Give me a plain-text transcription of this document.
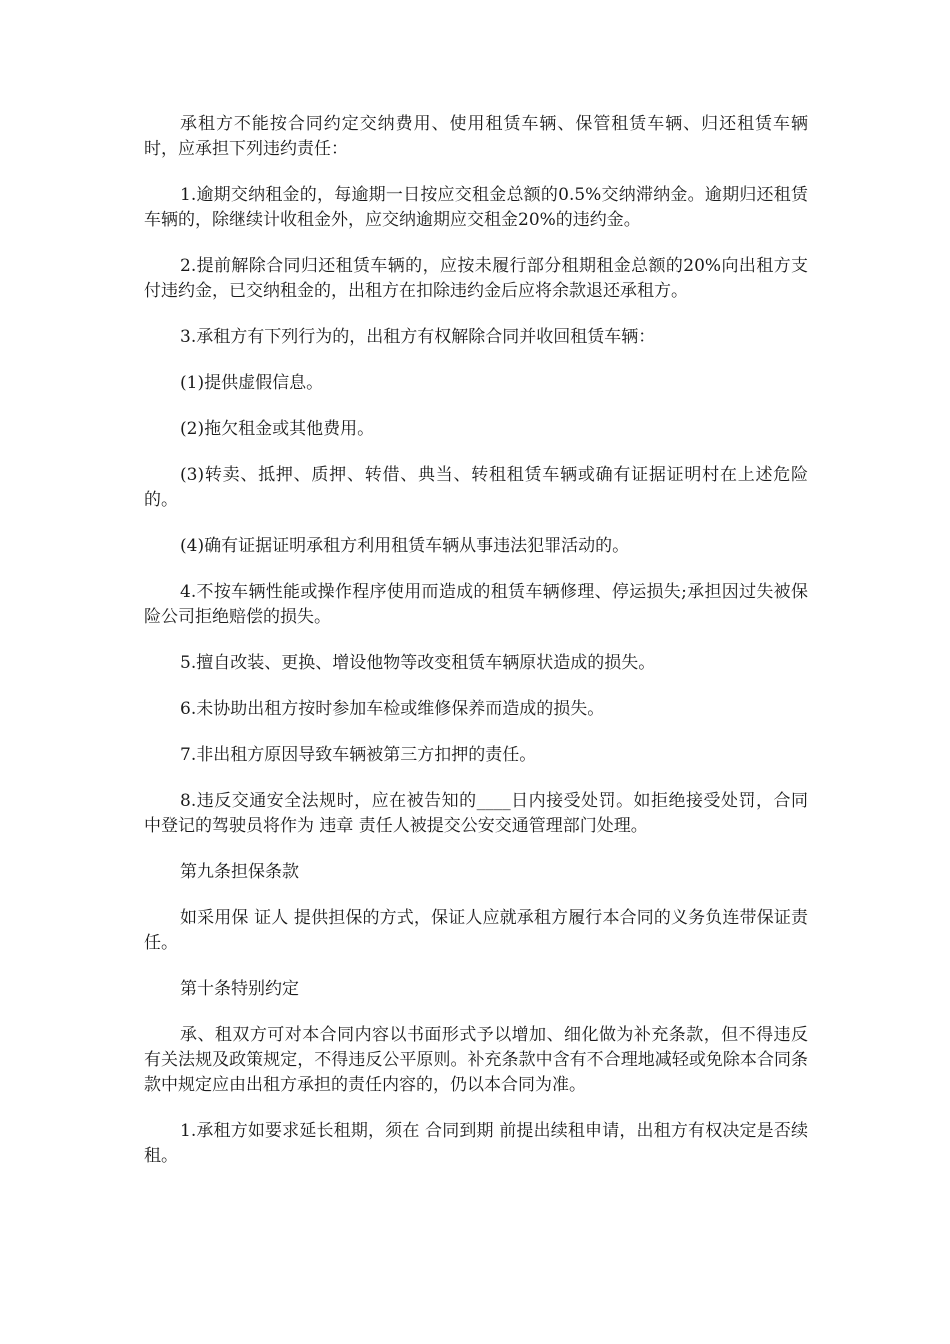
承租方不能按合同约定交纳费用、使用租赁车辆、保管租赁车辆、归还租赁车辆时，应承担下列违约责任：

1.逾期交纳租金的，每逾期一日按应交租金总额的0.5%交纳滞纳金。逾期归还租赁车辆的，除继续计收租金外，应交纳逾期应交租金20%的违约金。

2.提前解除合同归还租赁车辆的，应按未履行部分租期租金总额的20%向出租方支付违约金，已交纳租金的，出租方在扣除违约金后应将余款退还承租方。

3.承租方有下列行为的，出租方有权解除合同并收回租赁车辆：

(1)提供虚假信息。

(2)拖欠租金或其他费用。

(3)转卖、抵押、质押、转借、典当、转租租赁车辆或确有证据证明村在上述危险的。

(4)确有证据证明承租方利用租赁车辆从事违法犯罪活动的。

4.不按车辆性能或操作程序使用而造成的租赁车辆修理、停运损失;承担因过失被保险公司拒绝赔偿的损失。

5.擅自改装、更换、增设他物等改变租赁车辆原状造成的损失。

6.未协助出租方按时参加车检或维修保养而造成的损失。

7.非出租方原因导致车辆被第三方扣押的责任。

8.违反交通安全法规时，应在被告知的____日内接受处罚。如拒绝接受处罚，合同中登记的驾驶员将作为 违章 责任人被提交公安交通管理部门处理。

第九条担保条款

如采用保 证人 提供担保的方式，保证人应就承租方履行本合同的义务负连带保证责任。

第十条特别约定

承、租双方可对本合同内容以书面形式予以增加、细化做为补充条款，但不得违反有关法规及政策规定，不得违反公平原则。补充条款中含有不合理地减轻或免除本合同条款中规定应由出租方承担的责任内容的，仍以本合同为准。

1.承租方如要求延长租期，须在 合同到期 前提出续租申请，出租方有权决定是否续租。
